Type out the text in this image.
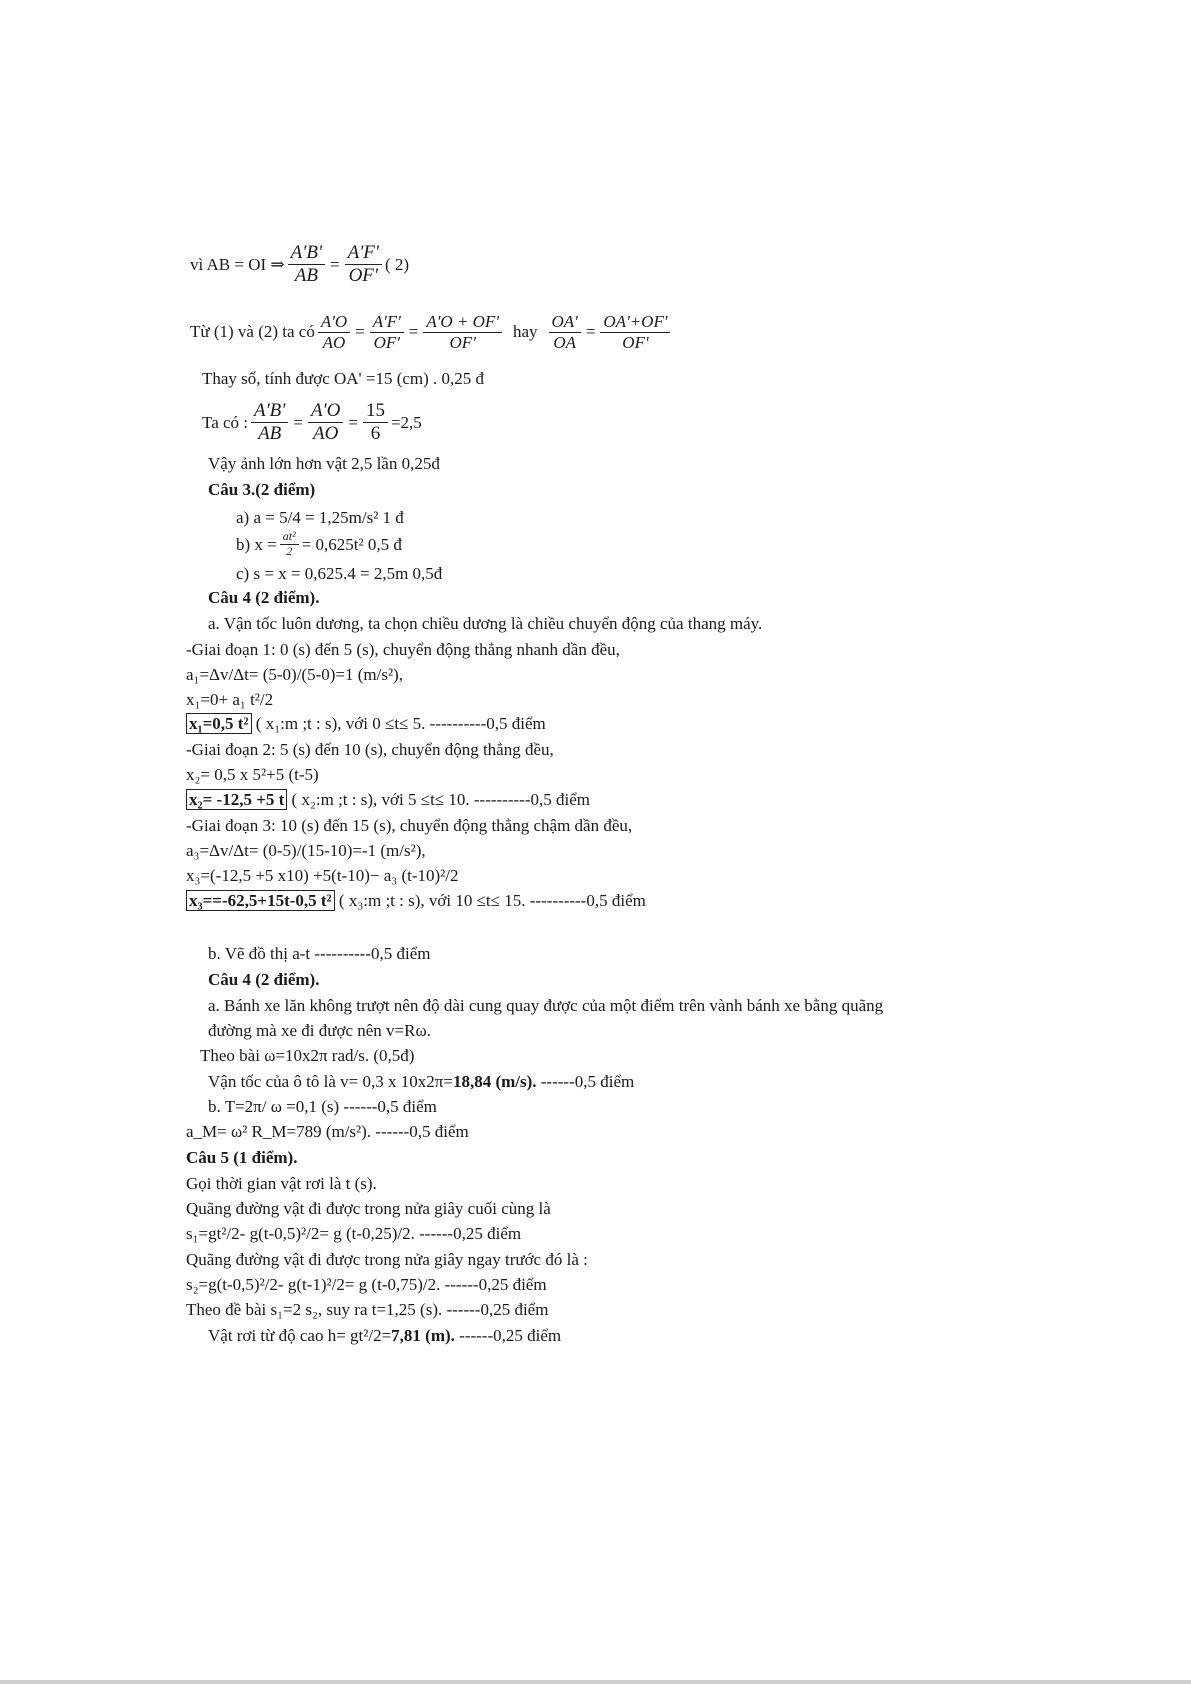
vì AB = OI ⇒ $\frac{A'B'}{AB} = \frac{A'F'}{OF'}$ ( 2)
Từ (1) và (2) ta có $\frac{A'O}{AO} = \frac{A'F'}{OF'} = \frac{A'O + OF'}{OF'}$ hay $\frac{OA'}{OA} = \frac{OA'+OF'}{OF'}$
Thay số, tính được OA' =15 (cm) . 0,25 đ
Ta có : $\frac{A'B'}{AB} = \frac{A'O}{AO} = \frac{15}{6} =2,5$
Vậy ảnh lớn hơn vật 2,5 lần 0,25đ
Câu 3.(2 điểm)
a) a = 5/4 = 1,25m/s² 1 đ
b) $x = \frac{\text{at²}}{2} = 0,625t^2$ 0,5 đ
c) s = x = 0,625.4 = 2,5m 0,5đ
Câu 4 (2 điểm).
a. Vận tốc luôn dương, ta chọn chiều dương là chiều chuyển động của thang máy.
-Giai đoạn 1: 0 (s) đến 5 (s), chuyển động thẳng nhanh dần đều,
a₁=Δv/Δt= (5-0)/(5-0)=1 (m/s²),
x₁=0+ a₁ t²/2
x₁=0,5 t² ( x₁:m ;t : s), với 0 ≤t≤ 5. ----------0,5 điểm
-Giai đoạn 2: 5 (s) đến 10 (s), chuyển động thẳng đều,
x₂= 0,5 x 5²+5 (t-5)
x₂= -12,5 +5 t ( x₂:m ;t : s), với 5 ≤t≤ 10. ----------0,5 điểm
-Giai đoạn 3: 10 (s) đến 15 (s), chuyển động thẳng chậm dần đều,
a₃=Δv/Δt= (0-5)/(15-10)=-1 (m/s²),
x₃=(-12,5 +5 x10) +5(t-10)− a₃ (t-10)²/2
x₃==-62,5+15t-0,5 t² ( x₃:m ;t : s), với 10 ≤t≤ 15. ----------0,5 điểm
b. Vẽ đồ thị a-t ----------0,5 điểm
Câu 4 (2 điểm).
a. Bánh xe lăn không trượt nên độ dài cung quay được của một điểm trên vành bánh xe bằng quãng
đường mà xe đi được nên v=Rω.
Theo bài ω=10x2π rad/s. (0,5đ)
Vận tốc của ô tô là v= 0,3 x 10x2π=18,84 (m/s). ------0,5 điểm
b. T=2π/ ω =0,1 (s) ------0,5 điểm
a_M= ω² R_M=789 (m/s²). ------0,5 điểm
Câu 5 (1 điểm).
Gọi thời gian vật rơi là t (s).
Quãng đường vật đi được trong nửa giây cuối cùng là
s₁=gt²/2- g(t-0,5)²/2= g (t-0,25)/2. ------0,25 điểm
Quãng đường vật đi được trong nửa giây ngay trước đó là :
s₂=g(t-0,5)²/2- g(t-1)²/2= g (t-0,75)/2. ------0,25 điểm
Theo đề bài s₁=2 s₂, suy ra t=1,25 (s). ------0,25 điểm
Vật rơi từ độ cao h= gt²/2=7,81 (m). ------0,25 điểm
